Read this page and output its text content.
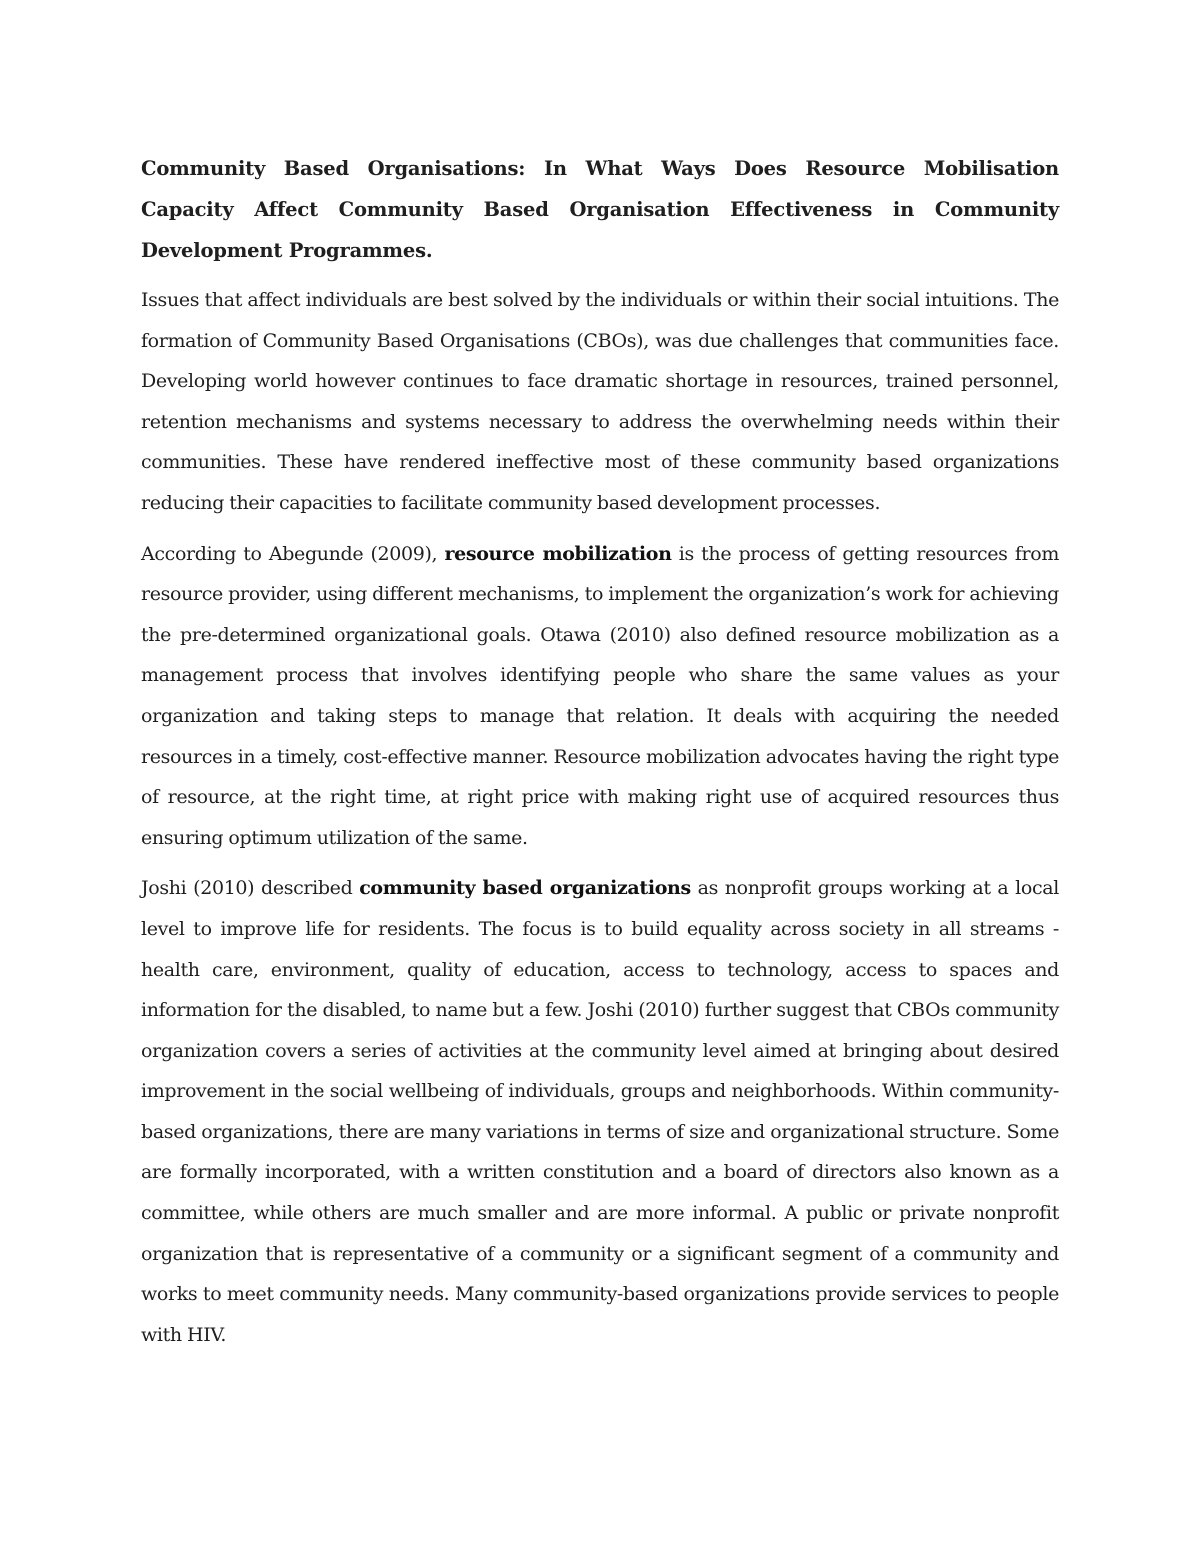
Community Based Organisations: In What Ways Does Resource Mobilisation Capacity Affect Community Based Organisation Effectiveness in Community Development Programmes.

Issues that affect individuals are best solved by the individuals or within their social intuitions. The formation of Community Based Organisations (CBOs), was due challenges that communities face. Developing world however continues to face dramatic shortage in resources, trained personnel, retention mechanisms and systems necessary to address the overwhelming needs within their communities. These have rendered ineffective most of these community based organizations reducing their capacities to facilitate community based development processes.

According to Abegunde (2009), resource mobilization is the process of getting resources from resource provider, using different mechanisms, to implement the organization’s work for achieving the pre-determined organizational goals. Otawa (2010) also defined resource mobilization as a management process that involves identifying people who share the same values as your organization and taking steps to manage that relation. It deals with acquiring the needed resources in a timely, cost-effective manner. Resource mobilization advocates having the right type of resource, at the right time, at right price with making right use of acquired resources thus ensuring optimum utilization of the same.

Joshi (2010) described community based organizations as nonprofit groups working at a local level to improve life for residents. The focus is to build equality across society in all streams - health care, environment, quality of education, access to technology, access to spaces and information for the disabled, to name but a few. Joshi (2010) further suggest that CBOs community organization covers a series of activities at the community level aimed at bringing about desired improvement in the social wellbeing of individuals, groups and neighborhoods. Within community-based organizations, there are many variations in terms of size and organizational structure. Some are formally incorporated, with a written constitution and a board of directors also known as a committee, while others are much smaller and are more informal. A public or private nonprofit organization that is representative of a community or a significant segment of a community and works to meet community needs. Many community-based organizations provide services to people with HIV.
